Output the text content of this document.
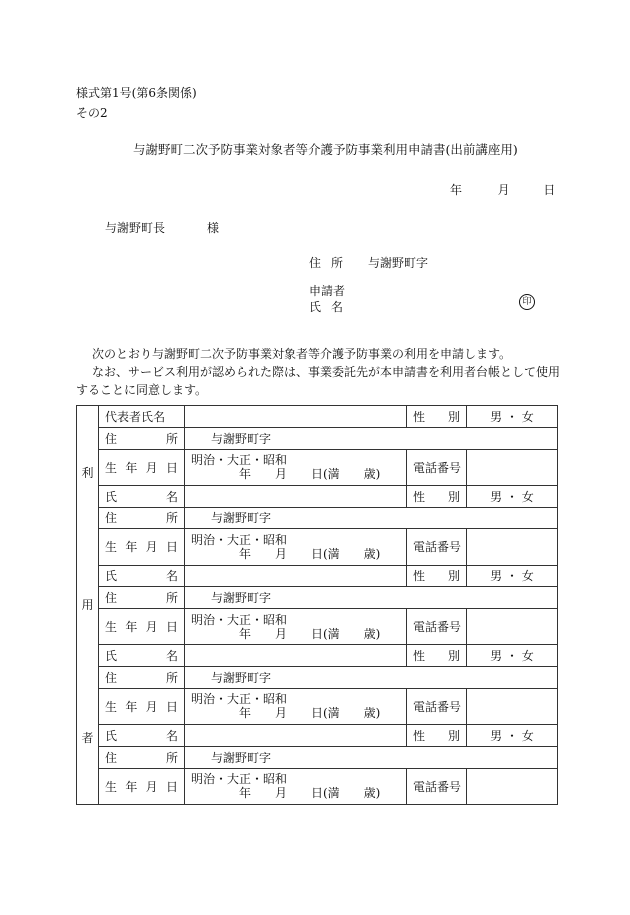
様式第1号(第6条関係)
その2
与謝野町二次予防事業対象者等介護予防事業利用申請書(出前講座用)
年	月	日
与謝野町長	様
住所 与謝野町字
申請者
氏名	印
次のとおり与謝野町二次予防事業対象者等介護予防事業の利用を申請します。
なお、サービス利用が認められた際は、事業委託先が本申請書を利用者台帳として使用
することに同意します。
利
用
者	代 表 者 氏 名		性 別	男 ・ 女

	住 所	与謝野町字		

	生 年 月 日	明治・大正・昭和
年　　月　　日(満　　歳)	電 話 番 号	

	氏 名		性 別	男 ・ 女

	住 所	与謝野町字		

	生 年 月 日	明治・大正・昭和
年　　月　　日(満　　歳)	電 話 番 号	

	氏 名		性 別	男 ・ 女

	住 所	与謝野町字		

	生 年 月 日	明治・大正・昭和
年　　月　　日(満　　歳)	電 話 番 号	

	氏 名		性 別	男 ・ 女

	住 所	与謝野町字		

	生 年 月 日	明治・大正・昭和
年　　月　　日(満　　歳)	電 話 番 号	

	氏 名		性 別	男 ・ 女

	住 所	与謝野町字		

	生 年 月 日	明治・大正・昭和
年　　月　　日(満　　歳)	電 話 番 号	
